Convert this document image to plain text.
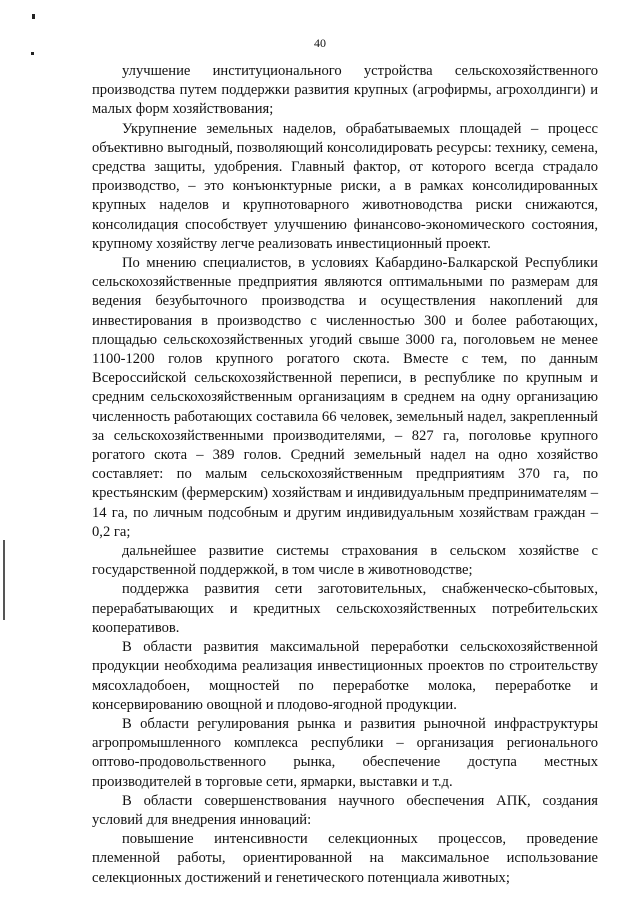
40

улучшение институционального устройства сельскохозяйственного производства путем поддержки развития крупных (агрофирмы, агрохолдинги) и малых форм хозяйствования;

Укрупнение земельных наделов, обрабатываемых площадей – процесс объективно выгодный, позволяющий консолидировать ресурсы: технику, семена, средства защиты, удобрения. Главный фактор, от которого всегда страдало производство, – это конъюнктурные риски, а в рамках консолидированных крупных наделов и крупнотоварного животноводства риски снижаются, консолидация способствует улучшению финансово-экономического состояния, крупному хозяйству легче реализовать инвестиционный проект.

По мнению специалистов, в условиях Кабардино-Балкарской Республики сельскохозяйственные предприятия являются оптимальными по размерам для ведения безубыточного производства и осуществления накоплений для инвестирования в производство с численностью 300 и более работающих, площадью сельскохозяйственных угодий свыше 3000 га, поголовьем не менее 1100-1200 голов крупного рогатого скота. Вместе с тем, по данным Всероссийской сельскохозяйственной переписи, в республике по крупным и средним сельскохозяйственным организациям в среднем на одну организацию численность работающих составила 66 человек, земельный надел, закрепленный за сельскохозяйственными производителями, – 827 га, поголовье крупного рогатого скота – 389 голов. Средний земельный надел на одно хозяйство составляет: по малым сельскохозяйственным предприятиям 370 га, по крестьянским (фермерским) хозяйствам и индивидуальным предпринимателям – 14 га, по личным подсобным и другим индивидуальным хозяйствам граждан – 0,2 га;

дальнейшее развитие системы страхования в сельском хозяйстве с государственной поддержкой, в том числе в животноводстве;

поддержка развития сети заготовительных, снабженческо-сбытовых, перерабатывающих и кредитных сельскохозяйственных потребительских кооперативов.

В области развития максимальной переработки сельскохозяйственной продукции необходима реализация инвестиционных проектов по строительству мясохладобоен, мощностей по переработке молока, переработке и консервированию овощной и плодово-ягодной продукции.

В области регулирования рынка и развития рыночной инфраструктуры агропромышленного комплекса республики – организация регионального оптово-продовольственного рынка, обеспечение доступа местных производителей в торговые сети, ярмарки, выставки и т.д.

В области совершенствования научного обеспечения АПК, создания условий для внедрения инноваций:

повышение интенсивности селекционных процессов, проведение племенной работы, ориентированной на максимальное использование селекционных достижений и генетического потенциала животных;
